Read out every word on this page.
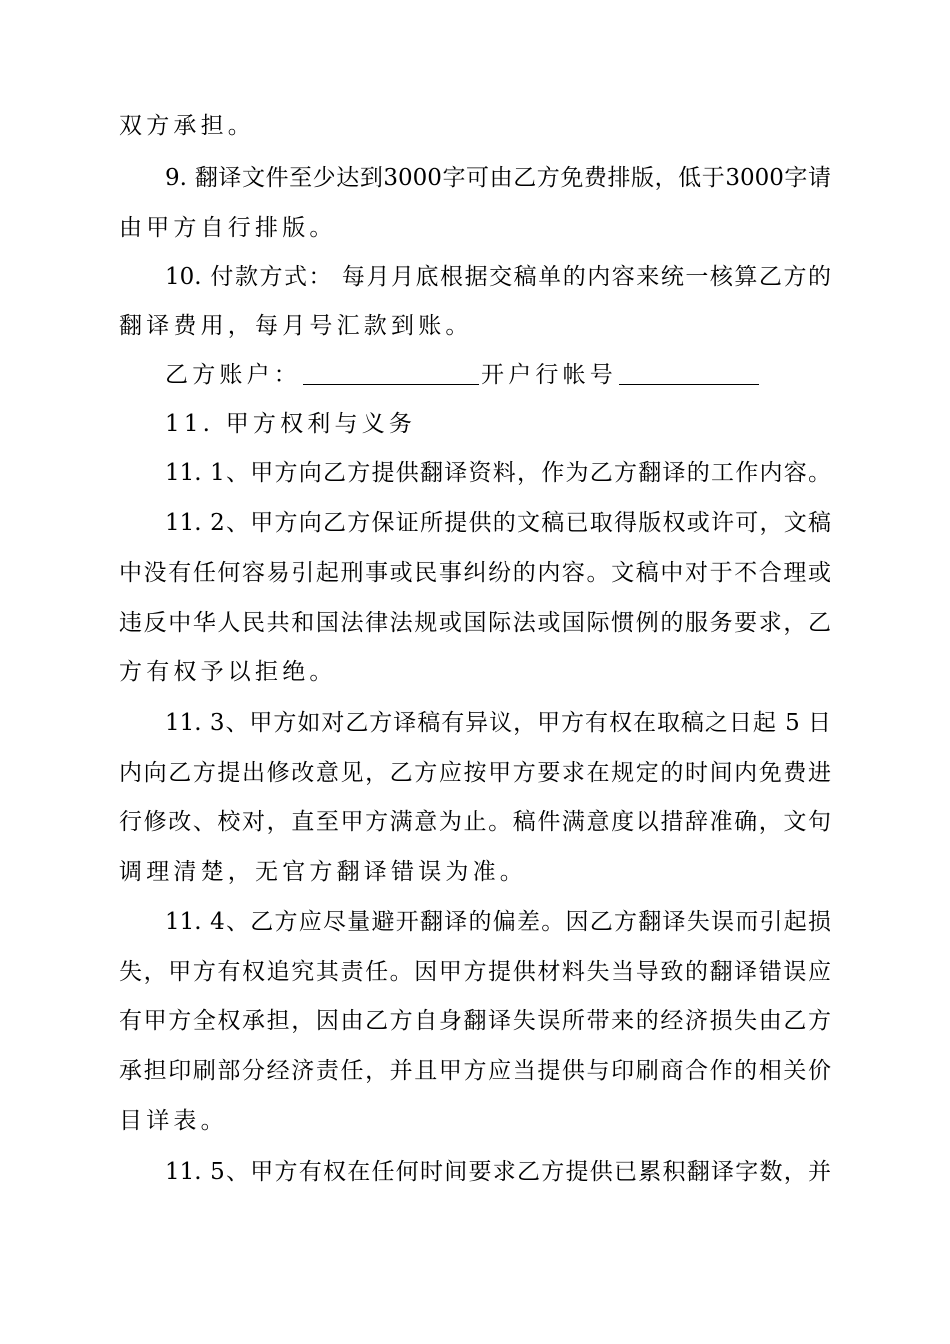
双方承担。
9. 翻译文件至少达到3000字可由乙方免费排版，低于3000字请
由甲方自行排版。
10. 付款方式： 每月月底根据交稿单的内容来统一核算乙方的
翻译费用，每月号汇款到账。
乙方账户：	开户行帐号
11. 甲方权利与义务
11. 1、甲方向乙方提供翻译资料，作为乙方翻译的工作内容。
11. 2、甲方向乙方保证所提供的文稿已取得版权或许可，文稿
中没有任何容易引起刑事或民事纠纷的内容。文稿中对于不合理或
违反中华人民共和国法律法规或国际法或国际惯例的服务要求，乙
方有权予以拒绝。
11. 3、甲方如对乙方译稿有异议，甲方有权在取稿之日起 5 日
内向乙方提出修改意见，乙方应按甲方要求在规定的时间内免费进
行修改、校对，直至甲方满意为止。稿件满意度以措辞准确，文句
调理清楚，无官方翻译错误为准。
11. 4、乙方应尽量避开翻译的偏差。因乙方翻译失误而引起损
失，甲方有权追究其责任。因甲方提供材料失当导致的翻译错误应
有甲方全权承担，因由乙方自身翻译失误所带来的经济损失由乙方
承担印刷部分经济责任，并且甲方应当提供与印刷商合作的相关价
目详表。
11. 5、甲方有权在任何时间要求乙方提供已累积翻译字数，并
